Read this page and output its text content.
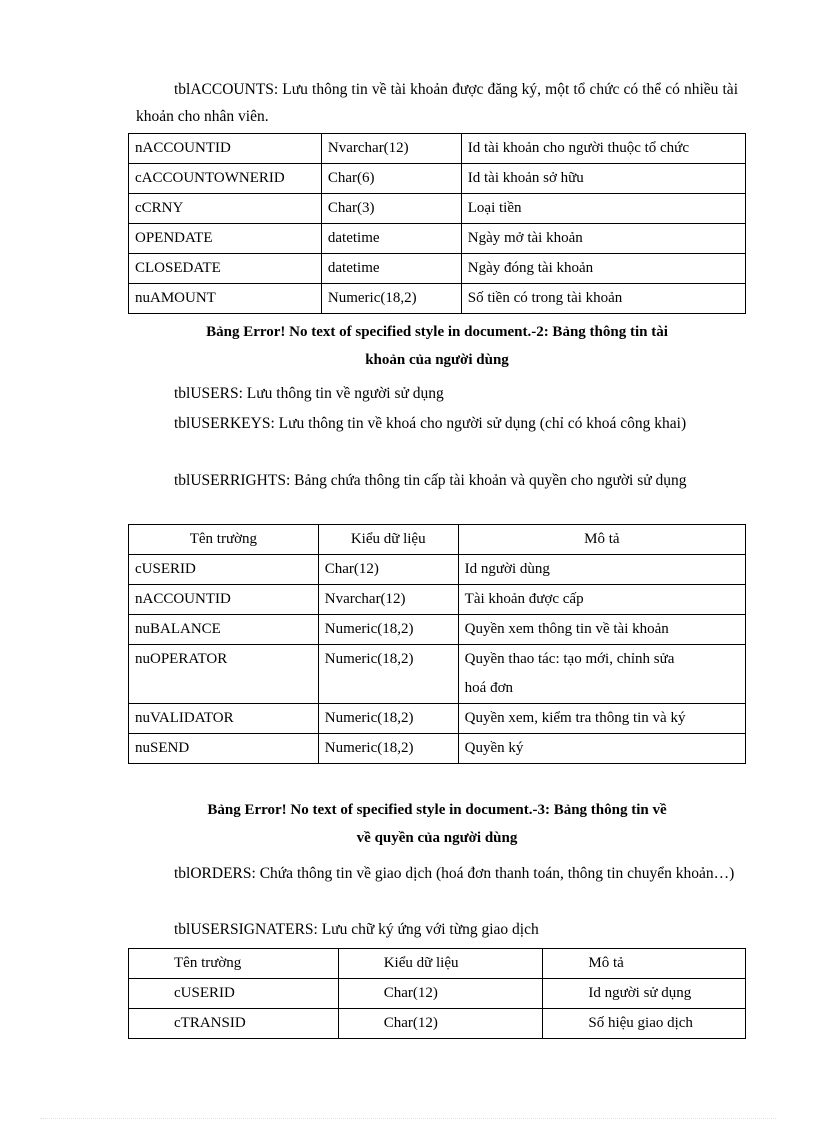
tblACCOUNTS: Lưu thông tin về tài khoản được đăng ký, một tổ chức có thể có nhiều tài khoản cho nhân viên.

nACCOUNTID	Nvarchar(12)	Id tài khoản cho người thuộc tổ chức
cACCOUNTOWNERID	Char(6)	Id tài khoản sở hữu
cCRNY	Char(3)	Loại tiền
OPENDATE	datetime	Ngày mở tài khoản
CLOSEDATE	datetime	Ngày đóng tài khoản
nuAMOUNT	Numeric(18,2)	Số tiền có trong tài khoản
Bảng Error! No text of specified style in document.-2: Bảng thông tin tài
khoản của người dùng

tblUSERS: Lưu thông tin về người sử dụng

tblUSERKEYS: Lưu thông tin về khoá cho người sử dụng (chỉ có khoá công khai)

tblUSERRIGHTS: Bảng chứa thông tin cấp tài khoản và quyền cho người sử dụng

Tên trường	Kiểu dữ liệu	Mô tả
cUSERID	Char(12)	Id người dùng
nACCOUNTID	Nvarchar(12)	Tài khoản được cấp
nuBALANCE	Numeric(18,2)	Quyền xem thông tin về tài khoản
nuOPERATOR	Numeric(18,2)	Quyền thao tác: tạo mới, chỉnh sửa
hoá đơn

nuVALIDATOR	Numeric(18,2)	Quyền xem, kiểm tra thông tin và ký
nuSEND	Numeric(18,2)	Quyền ký
Bảng Error! No text of specified style in document.-3: Bảng thông tin về
về quyền của người dùng

tblORDERS: Chứa thông tin về giao dịch (hoá đơn thanh toán, thông tin chuyển khoản…)

tblUSERSIGNATERS: Lưu chữ ký ứng với từng giao dịch

Tên trường	Kiểu dữ liệu	Mô tả
cUSERID	Char(12)	Id người sử dụng
cTRANSID	Char(12)	Số hiệu giao dịch
